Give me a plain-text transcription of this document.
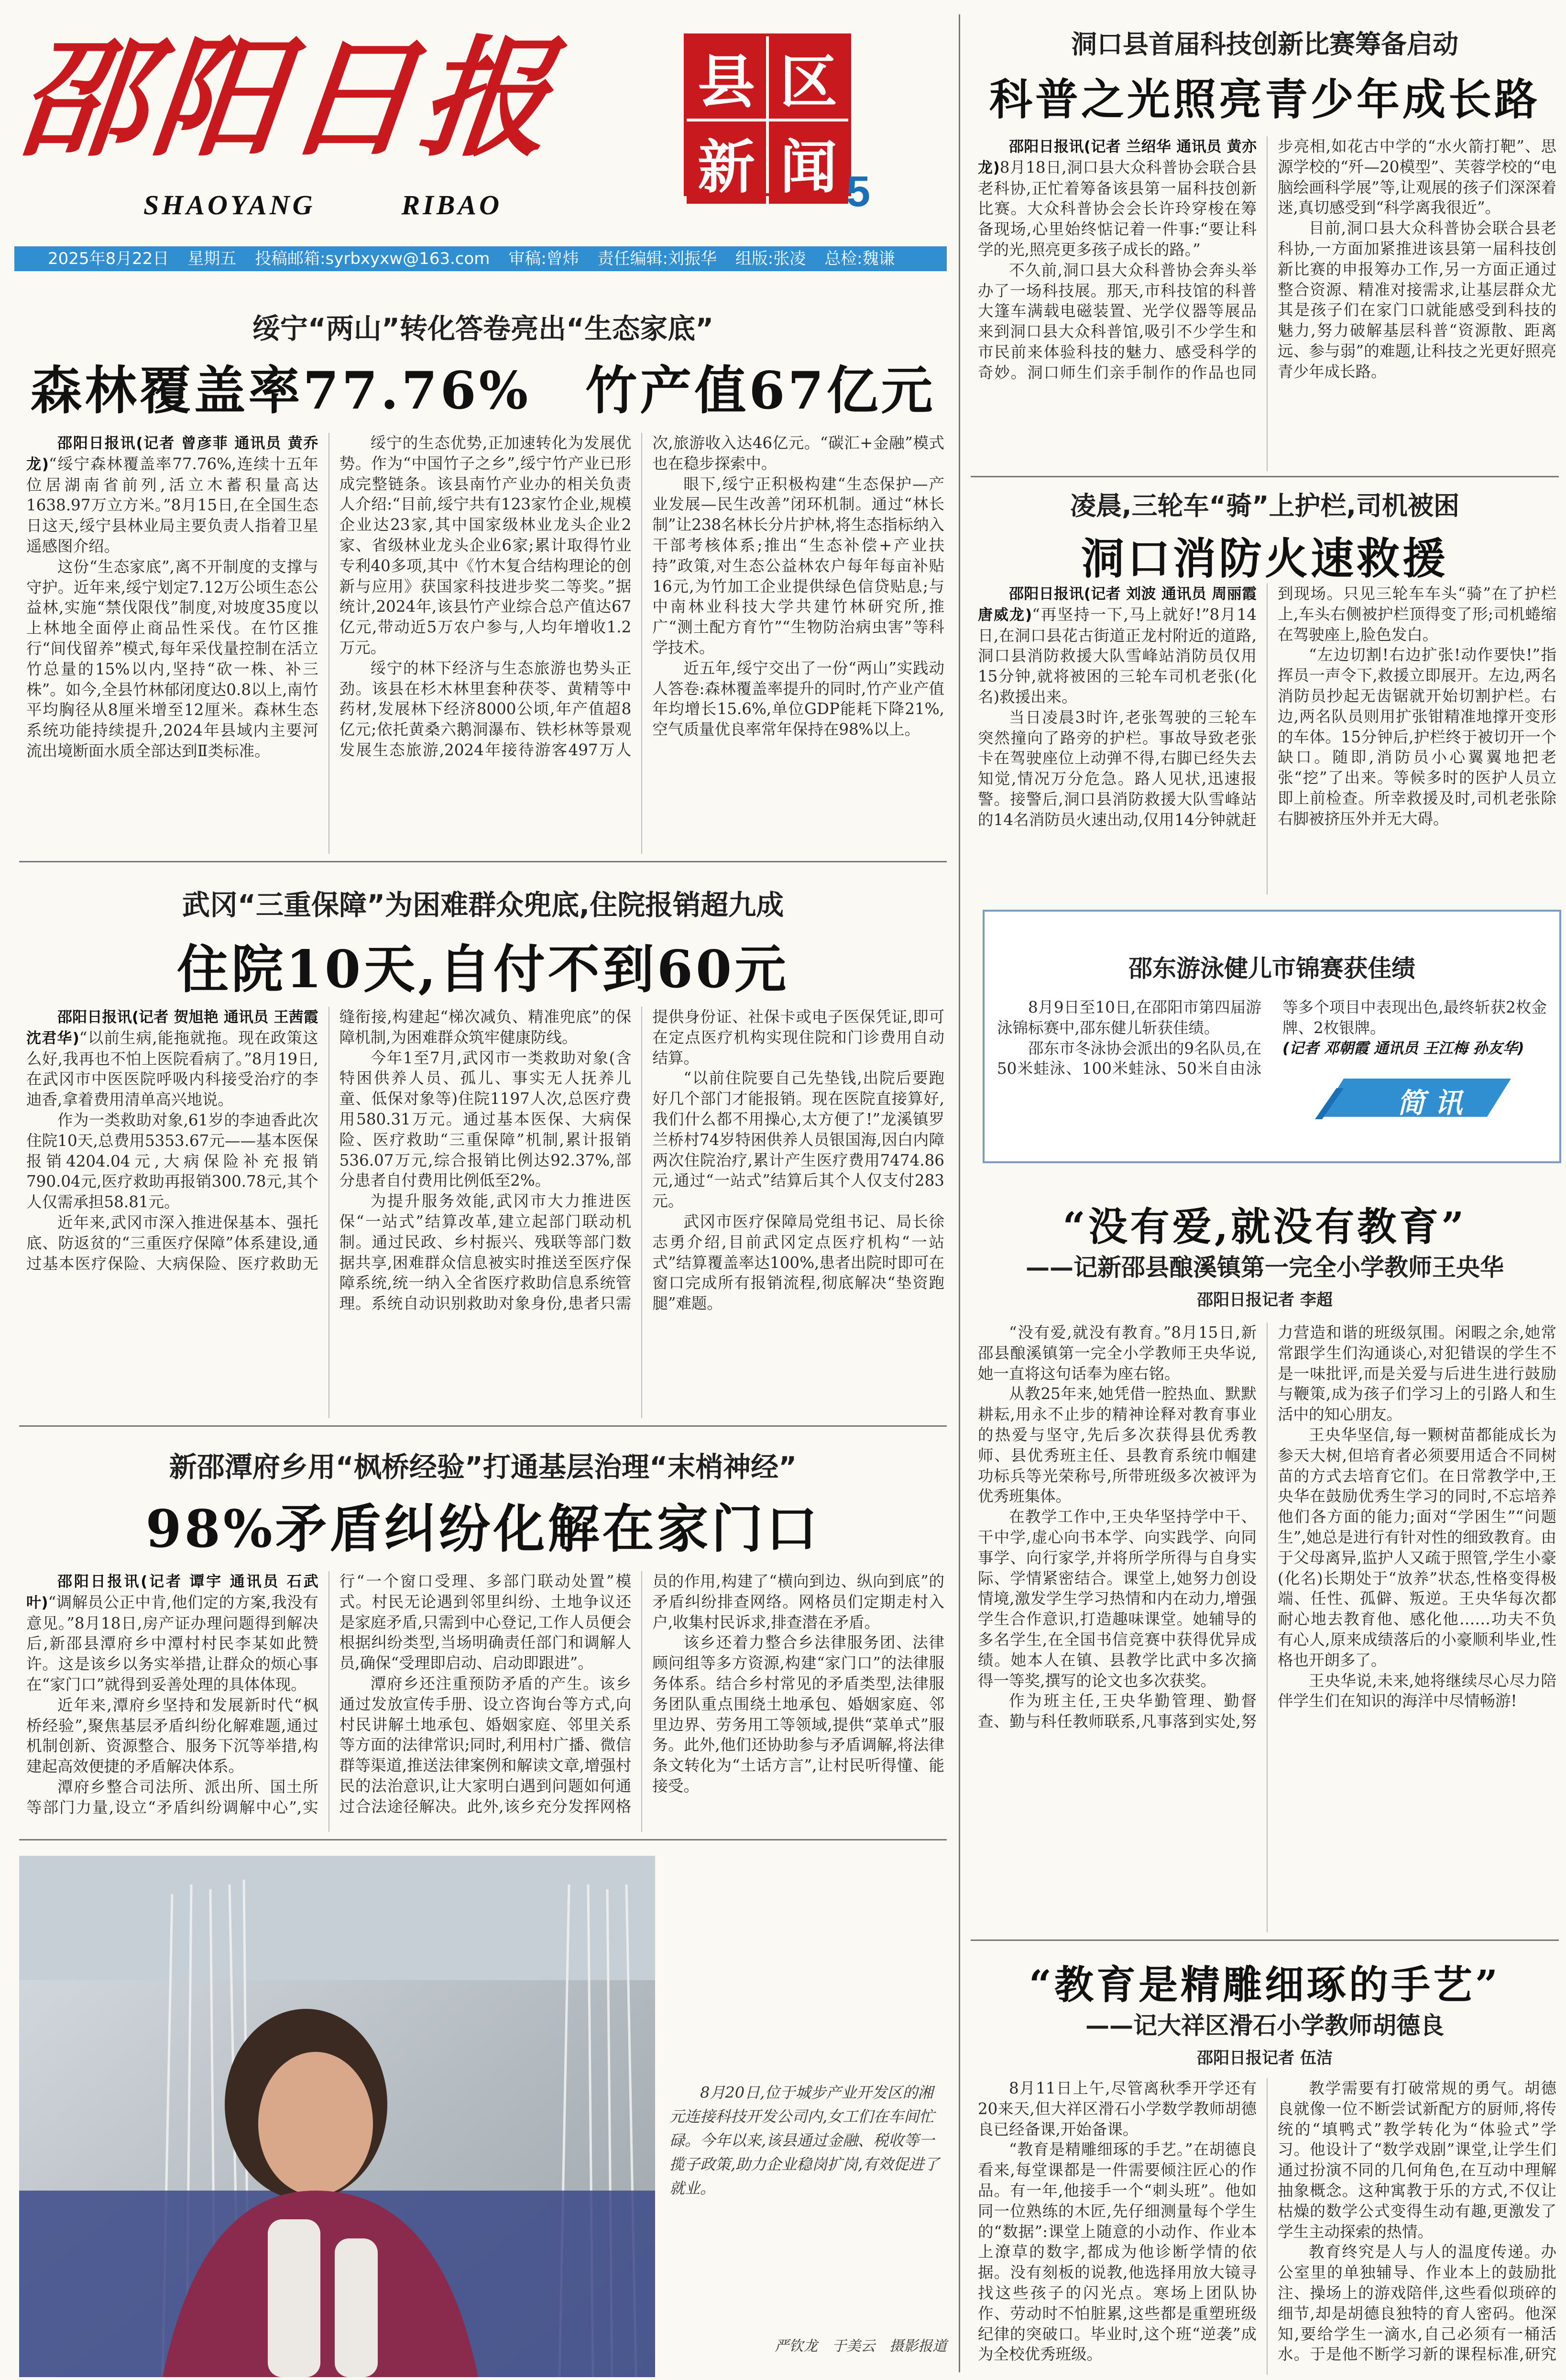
邵阳日报
SHAOYANG	RIBAO
县 区
新 闻 5
2025年8月22日 星期五 投稿邮箱:syrbxyxw@163.com 审稿:曾炜 责任编辑:刘振华 组版:张凌 总检:魏谦
绥宁“两山”转化答卷亮出“生态家底”
森林覆盖率77.76%　竹产值67亿元

邵阳日报讯(记者 曾彦菲 通讯员 黄乔龙)“绥宁森林覆盖率77.76%,连续十五年位居湖南省前列,活立木蓄积量高达1638.97万立方米。”8月15日,在全国生态日这天,绥宁县林业局主要负责人指着卫星遥感图介绍。

这份“生态家底”,离不开制度的支撑与守护。近年来,绥宁划定7.12万公顷生态公益林,实施“禁伐限伐”制度,对坡度35度以上林地全面停止商品性采伐。在竹区推行“间伐留养”模式,每年采伐量控制在活立竹总量的15%以内,坚持“砍一株、补三株”。如今,全县竹林郁闭度达0.8以上,南竹平均胸径从8厘米增至12厘米。森林生态系统功能持续提升,2024年县域内主要河流出境断面水质全部达到Ⅱ类标准。

绥宁的生态优势,正加速转化为发展优势。作为“中国竹子之乡”,绥宁竹产业已形成完整链条。该县南竹产业办的相关负责人介绍:“目前,绥宁共有123家竹企业,规模企业达23家,其中国家级林业龙头企业2家、省级林业龙头企业6家;累计取得竹业专利40多项,其中《竹木复合结构理论的创新与应用》获国家科技进步奖二等奖。”据统计,2024年,该县竹产业综合总产值达67亿元,带动近5万农户参与,人均年增收1.2万元。

绥宁的林下经济与生态旅游也势头正劲。该县在杉木林里套种茯苓、黄精等中药材,发展林下经济8000公顷,年产值超8亿元;依托黄桑六鹅洞瀑布、铁杉林等景观发展生态旅游,2024年接待游客497万人次,旅游收入达46亿元。“碳汇+金融”模式也在稳步探索中。

眼下,绥宁正积极构建“生态保护—产业发展—民生改善”闭环机制。通过“林长制”让238名林长分片护林,将生态指标纳入干部考核体系;推出“生态补偿+产业扶持”政策,对生态公益林农户每年每亩补贴16元,为竹加工企业提供绿色信贷贴息;与中南林业科技大学共建竹林研究所,推广“测土配方育竹”“生物防治病虫害”等科学技术。

近五年,绥宁交出了一份“两山”实践动人答卷:森林覆盖率提升的同时,竹产业产值年均增长15.6%,单位GDP能耗下降21%,空气质量优良率常年保持在98%以上。

武冈“三重保障”为困难群众兜底,住院报销超九成
住院10天,自付不到60元

邵阳日报讯(记者 贺旭艳 通讯员 王茜霞 沈君华)“以前生病,能拖就拖。现在政策这么好,我再也不怕上医院看病了。”8月19日,在武冈市中医医院呼吸内科接受治疗的李迪香,拿着费用清单高兴地说。

作为一类救助对象,61岁的李迪香此次住院10天,总费用5353.67元——基本医保报销4204.04元,大病保险补充报销790.04元,医疗救助再报销300.78元,其个人仅需承担58.81元。

近年来,武冈市深入推进保基本、强托底、防返贫的“三重医疗保障”体系建设,通过基本医疗保险、大病保险、医疗救助无缝衔接,构建起“梯次减负、精准兜底”的保障机制,为困难群众筑牢健康防线。

今年1至7月,武冈市一类救助对象(含特困供养人员、孤儿、事实无人抚养儿童、低保对象等)住院1197人次,总医疗费用580.31万元。通过基本医保、大病保险、医疗救助“三重保障”机制,累计报销536.07万元,综合报销比例达92.37%,部分患者自付费用比例低至2%。

为提升服务效能,武冈市大力推进医保“一站式”结算改革,建立起部门联动机制。通过民政、乡村振兴、残联等部门数据共享,困难群众信息被实时推送至医疗保障系统,统一纳入全省医疗救助信息系统管理。系统自动识别救助对象身份,患者只需提供身份证、社保卡或电子医保凭证,即可在定点医疗机构实现住院和门诊费用自动结算。

“以前住院要自己先垫钱,出院后要跑好几个部门才能报销。现在医院直接算好,我们什么都不用操心,太方便了!”龙溪镇罗兰桥村74岁特困供养人员银国海,因白内障两次住院治疗,累计产生医疗费用7474.86元,通过“一站式”结算后其个人仅支付283元。

武冈市医疗保障局党组书记、局长徐志勇介绍,目前武冈定点医疗机构“一站式”结算覆盖率达100%,患者出院时即可在窗口完成所有报销流程,彻底解决“垫资跑腿”难题。

新邵潭府乡用“枫桥经验”打通基层治理“末梢神经”
98%矛盾纠纷化解在家门口

邵阳日报讯(记者 谭宇 通讯员 石武叶)“调解员公正中肯,他们定的方案,我没有意见。”8月18日,房产证办理问题得到解决后,新邵县潭府乡中潭村村民李某如此赞许。这是该乡以务实举措,让群众的烦心事在“家门口”就得到妥善处理的具体体现。

近年来,潭府乡坚持和发展新时代“枫桥经验”,聚焦基层矛盾纠纷化解难题,通过机制创新、资源整合、服务下沉等举措,构建起高效便捷的矛盾解决体系。

潭府乡整合司法所、派出所、国土所等部门力量,设立“矛盾纠纷调解中心”,实行“一个窗口受理、多部门联动处置”模式。村民无论遇到邻里纠纷、土地争议还是家庭矛盾,只需到中心登记,工作人员便会根据纠纷类型,当场明确责任部门和调解人员,确保“受理即启动、启动即跟进”。

潭府乡还注重预防矛盾的产生。该乡通过发放宣传手册、设立咨询台等方式,向村民讲解土地承包、婚姻家庭、邻里关系等方面的法律常识;同时,利用村广播、微信群等渠道,推送法律案例和解读文章,增强村民的法治意识,让大家明白遇到问题如何通过合法途径解决。此外,该乡充分发挥网格员的作用,构建了“横向到边、纵向到底”的矛盾纠纷排查网络。网格员们定期走村入户,收集村民诉求,排查潜在矛盾。

该乡还着力整合乡法律服务团、法律顾问组等多方资源,构建“家门口”的法律服务体系。结合乡村常见的矛盾类型,法律服务团队重点围绕土地承包、婚姻家庭、邻里边界、劳务用工等领域,提供“菜单式”服务。此外,他们还协助参与矛盾调解,将法律条文转化为“土话方言”,让村民听得懂、能接受。

8月20日,位于城步产业开发区的湘元连接科技开发公司内,女工们在车间忙碌。今年以来,该县通过金融、税收等一揽子政策,助力企业稳岗扩岗,有效促进了就业。
严钦龙　于美云　摄影报道
洞口县首届科技创新比赛筹备启动
科普之光照亮青少年成长路

邵阳日报讯(记者 兰绍华 通讯员 黄亦龙)8月18日,洞口县大众科普协会联合县老科协,正忙着筹备该县第一届科技创新比赛。大众科普协会会长许玲穿梭在筹备现场,心里始终惦记着一件事:“要让科学的光,照亮更多孩子成长的路。”

不久前,洞口县大众科普协会奔头举办了一场科技展。那天,市科技馆的科普大篷车满载电磁装置、光学仪器等展品来到洞口县大众科普馆,吸引不少学生和市民前来体验科技的魅力、感受科学的奇妙。洞口师生们亲手制作的作品也同步亮相,如花古中学的“水火箭打靶”、思源学校的“歼—20模型”、芙蓉学校的“电脑绘画科学展”等,让观展的孩子们深深着迷,真切感受到“科学离我很近”。

目前,洞口县大众科普协会联合县老科协,一方面加紧推进该县第一届科技创新比赛的申报筹办工作,另一方面正通过整合资源、精准对接需求,让基层群众尤其是孩子们在家门口就能感受到科技的魅力,努力破解基层科普“资源散、距离远、参与弱”的难题,让科技之光更好照亮青少年成长路。

凌晨,三轮车“骑”上护栏,司机被困
洞口消防火速救援

邵阳日报讯(记者 刘波 通讯员 周丽霞 唐威龙)“再坚持一下,马上就好!”8月14日,在洞口县花古街道正龙村附近的道路,洞口县消防救援大队雪峰站消防员仅用15分钟,就将被困的三轮车司机老张(化名)救援出来。

当日凌晨3时许,老张驾驶的三轮车突然撞向了路旁的护栏。事故导致老张卡在驾驶座位上动弹不得,右脚已经失去知觉,情况万分危急。路人见状,迅速报警。接警后,洞口县消防救援大队雪峰站的14名消防员火速出动,仅用14分钟就赶到现场。只见三轮车车头“骑”在了护栏上,车头右侧被护栏顶得变了形;司机蜷缩在驾驶座上,脸色发白。

“左边切割!右边扩张!动作要快!”指挥员一声令下,救援立即展开。左边,两名消防员抄起无齿锯就开始切割护栏。右边,两名队员则用扩张钳精准地撑开变形的车体。15分钟后,护栏终于被切开一个缺口。随即,消防员小心翼翼地把老张“挖”了出来。等候多时的医护人员立即上前检查。所幸救援及时,司机老张除右脚被挤压外并无大碍。

邵东游泳健儿市锦赛获佳绩

8月9日至10日,在邵阳市第四届游泳锦标赛中,邵东健儿斩获佳绩。

邵东市冬泳协会派出的9名队员,在50米蛙泳、100米蛙泳、50米自由泳等多个项目中表现出色,最终斩获2枚金牌、2枚银牌。

(记者 邓朝霞 通讯员 王江梅 孙友华)

简 讯
“没有爱,就没有教育”
——记新邵县酿溪镇第一完全小学教师王央华
邵阳日报记者 李超

“没有爱,就没有教育。”8月15日,新邵县酿溪镇第一完全小学教师王央华说,她一直将这句话奉为座右铭。

从教25年来,她凭借一腔热血、默默耕耘,用永不止步的精神诠释对教育事业的热爱与坚守,先后多次获得县优秀教师、县优秀班主任、县教育系统巾帼建功标兵等光荣称号,所带班级多次被评为优秀班集体。

在教学工作中,王央华坚持学中干、干中学,虚心向书本学、向实践学、向同事学、向行家学,并将所学所得与自身实际、学情紧密结合。课堂上,她努力创设情境,激发学生学习热情和内在动力,增强学生合作意识,打造趣味课堂。她辅导的多名学生,在全国书信竞赛中获得优异成绩。她本人在镇、县教学比武中多次摘得一等奖,撰写的论文也多次获奖。

作为班主任,王央华勤管理、勤督查、勤与科任教师联系,凡事落到实处,努力营造和谐的班级氛围。闲暇之余,她常常跟学生们沟通谈心,对犯错误的学生不是一味批评,而是关爱与后进生进行鼓励与鞭策,成为孩子们学习上的引路人和生活中的知心朋友。

王央华坚信,每一颗树苗都能成长为参天大树,但培育者必须要用适合不同树苗的方式去培育它们。在日常教学中,王央华在鼓励优秀生学习的同时,不忘培养他们各方面的能力;面对“学困生”“问题生”,她总是进行有针对性的细致教育。由于父母离异,监护人又疏于照管,学生小豪(化名)长期处于“放养”状态,性格变得极端、任性、孤僻、叛逆。王央华每次都耐心地去教育他、感化他……功夫不负有心人,原来成绩落后的小豪顺利毕业,性格也开朗多了。

王央华说,未来,她将继续尽心尽力陪伴学生们在知识的海洋中尽情畅游!

“教育是精雕细琢的手艺”
——记大祥区滑石小学教师胡德良
邵阳日报记者 伍洁

8月11日上午,尽管离秋季开学还有20来天,但大祥区滑石小学数学教师胡德良已经备课,开始备课。

“教育是精雕细琢的手艺。”在胡德良看来,每堂课都是一件需要倾注匠心的作品。有一年,他接手一个“刺头班”。他如同一位熟练的木匠,先仔细测量每个学生的“数据”:课堂上随意的小动作、作业本上潦草的数字,都成为他诊断学情的依据。没有刻板的说教,他选择用放大镜寻找这些孩子的闪光点。寒场上团队协作、劳动时不怕脏累,这些都是重塑班级纪律的突破口。毕业时,这个班“逆袭”成为全校优秀班级。

教学需要有打破常规的勇气。胡德良就像一位不断尝试新配方的厨师,将传统的“填鸭式”教学转化为“体验式”学习。他设计了“数学戏剧”课堂,让学生们通过扮演不同的几何角色,在互动中理解抽象概念。这种寓教于乐的方式,不仅让枯燥的数学公式变得生动有趣,更激发了学生主动探索的热情。

教育终究是人与人的温度传递。办公室里的单独辅导、作业本上的鼓励批注、操场上的游戏陪伴,这些看似琐碎的细节,却是胡德良独特的育人密码。他深知,要给学生一滴水,自己必须有一桶活水。于是他不断学习新的课程标准,研究
